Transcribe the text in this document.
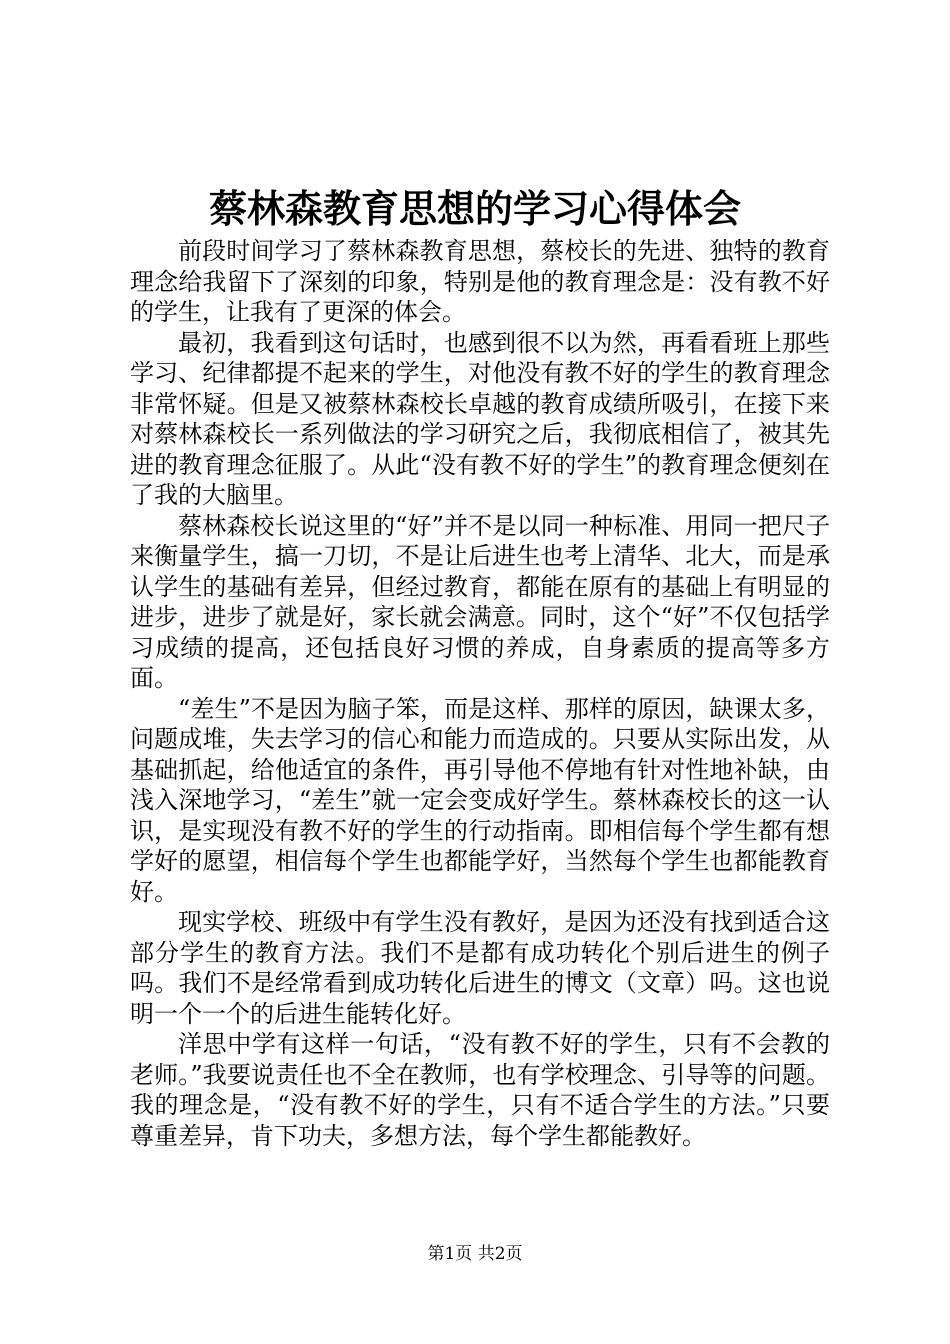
蔡林森教育思想的学习心得体会

前段时间学习了蔡林森教育思想，蔡校长的先进、独特的教育理念给我留下了深刻的印象，特别是他的教育理念是：没有教不好的学生，让我有了更深的体会。

最初，我看到这句话时，也感到很不以为然，再看看班上那些学习、纪律都提不起来的学生，对他没有教不好的学生的教育理念非常怀疑。但是又被蔡林森校长卓越的教育成绩所吸引，在接下来对蔡林森校长一系列做法的学习研究之后，我彻底相信了，被其先进的教育理念征服了。从此“没有教不好的学生”的教育理念便刻在了我的大脑里。

蔡林森校长说这里的“好”并不是以同一种标准、用同一把尺子来衡量学生，搞一刀切，不是让后进生也考上清华、北大，而是承认学生的基础有差异，但经过教育，都能在原有的基础上有明显的进步，进步了就是好，家长就会满意。同时，这个“好”不仅包括学习成绩的提高，还包括良好习惯的养成，自身素质的提高等多方面。

“差生”不是因为脑子笨，而是这样、那样的原因，缺课太多，问题成堆，失去学习的信心和能力而造成的。只要从实际出发，从基础抓起，给他适宜的条件，再引导他不停地有针对性地补缺，由浅入深地学习，“差生”就一定会变成好学生。蔡林森校长的这一认识，是实现没有教不好的学生的行动指南。即相信每个学生都有想学好的愿望，相信每个学生也都能学好，当然每个学生也都能教育好。

现实学校、班级中有学生没有教好，是因为还没有找到适合这部分学生的教育方法。我们不是都有成功转化个别后进生的例子吗。我们不是经常看到成功转化后进生的博文（文章）吗。这也说明一个一个的后进生能转化好。

洋思中学有这样一句话，“没有教不好的学生，只有不会教的老师。”我要说责任也不全在教师，也有学校理念、引导等的问题。我的理念是，“没有教不好的学生，只有不适合学生的方法。”只要尊重差异，肯下功夫，多想方法，每个学生都能教好。

第1页 共2页
